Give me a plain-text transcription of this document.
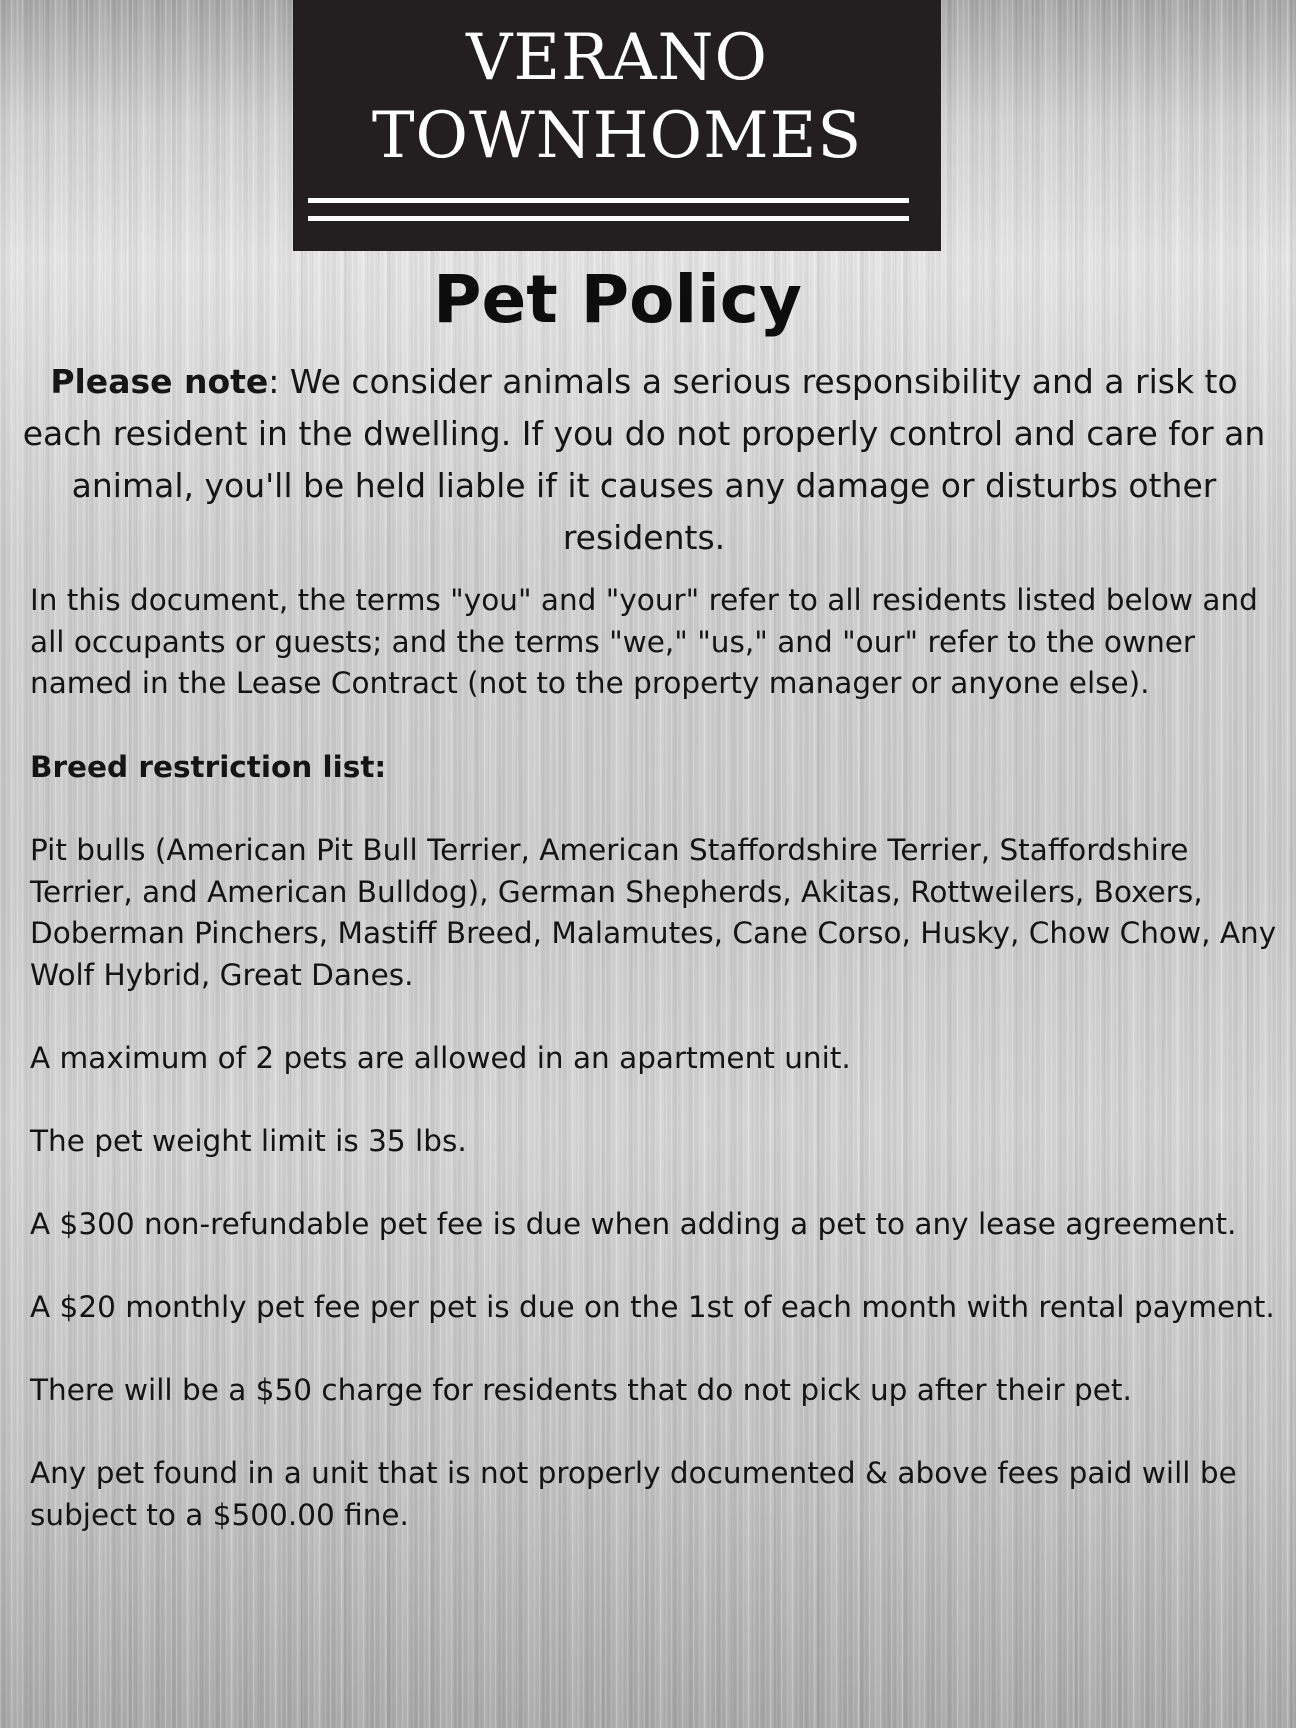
VERANO
TOWNHOMES
Pet Policy
Please note: We consider animals a serious responsibility and a risk to each resident in the dwelling. If you do not properly control and care for an animal, you'll be held liable if it causes any damage or disturbs other residents.
In this document, the terms "you" and "your" refer to all residents listed below and all occupants or guests; and the terms "we," "us," and "our" refer to the owner named in the Lease Contract (not to the property manager or anyone else).
Breed restriction list:
Pit bulls (American Pit Bull Terrier, American Staffordshire Terrier, Staffordshire Terrier, and American Bulldog), German Shepherds, Akitas, Rottweilers, Boxers, Doberman Pinchers, Mastiff Breed, Malamutes, Cane Corso, Husky, Chow Chow, Any Wolf Hybrid, Great Danes.
A maximum of 2 pets are allowed in an apartment unit.
The pet weight limit is 35 lbs.
A $300 non-refundable pet fee is due when adding a pet to any lease agreement.
A $20 monthly pet fee per pet is due on the 1st of each month with rental payment.
There will be a $50 charge for residents that do not pick up after their pet.
Any pet found in a unit that is not properly documented & above fees paid will be subject to a $500.00 fine.
